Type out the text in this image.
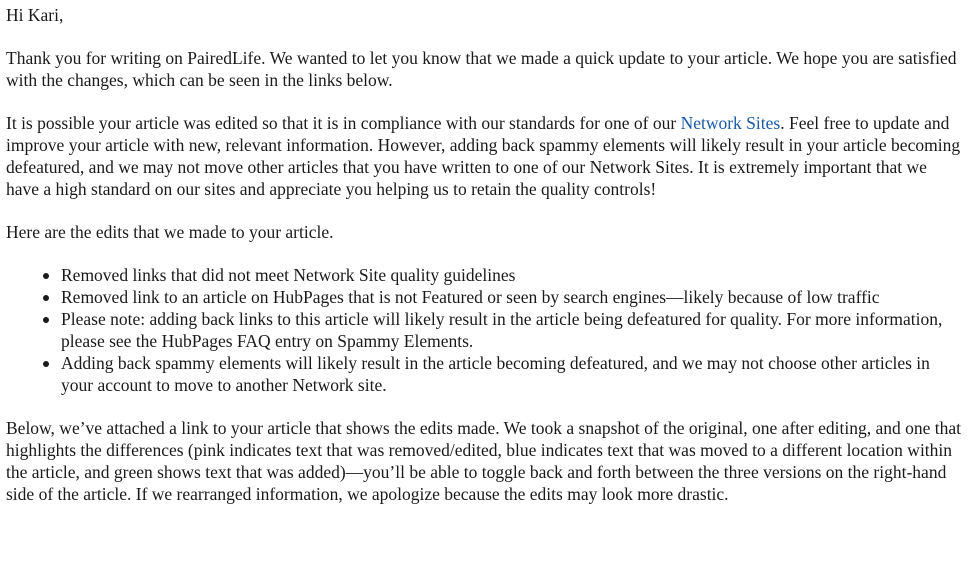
Hi Kari,

Thank you for writing on PairedLife. We wanted to let you know that we made a quick update to your article. We hope you are satisfied with the changes, which can be seen in the links below.

It is possible your article was edited so that it is in compliance with our standards for one of our Network Sites. Feel free to update and improve your article with new, relevant information. However, adding back spammy elements will likely result in your article becoming defeatured, and we may not move other articles that you have written to one of our Network Sites. It is extremely important that we have a high standard on our sites and appreciate you helping us to retain the quality controls!

Here are the edits that we made to your article.

Removed links that did not meet Network Site quality guidelines
Removed link to an article on HubPages that is not Featured or seen by search engines—likely because of low traffic
Please note: adding back links to this article will likely result in the article being defeatured for quality. For more information, please see the HubPages FAQ entry on Spammy Elements.
Adding back spammy elements will likely result in the article becoming defeatured, and we may not choose other articles in your account to move to another Network site.

Below, we’ve attached a link to your article that shows the edits made. We took a snapshot of the original, one after editing, and one that highlights the differences (pink indicates text that was removed/edited, blue indicates text that was moved to a different location within the article, and green shows text that was added)—you’ll be able to toggle back and forth between the three versions on the right-hand side of the article. If we rearranged information, we apologize because the edits may look more drastic.
